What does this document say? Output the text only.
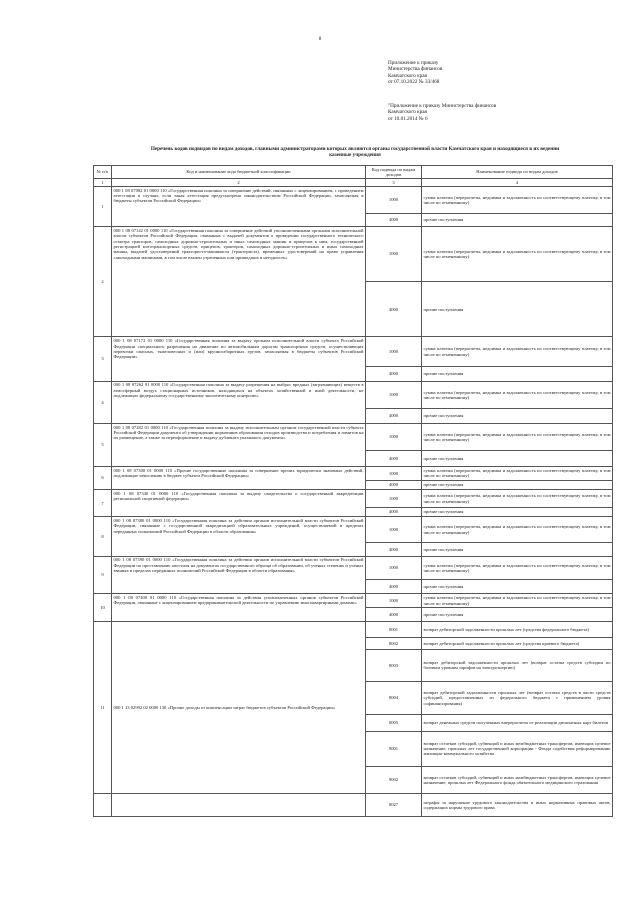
8
Приложение к приказу
Министерства финансов
Камчатского края
от 07.10.2022 № 33/468
"Приложение к приказу Министерства финансов
Камчатского края
от 10.01.2014 № 6
Перечень кодов подвидов по видам доходов, главными администраторами которых являются органы государственной власти Камчатского края и находящиеся в их ведении
казенные учреждения
№ п/п	Код и наименование кода бюджетной классификации	Код подвида по видам доходов	Наименование подвида по видам доходов
1	2	3	4
1	000 1 08 07082 01 0000 110 «Государственная пошлина за совершение действий, связанных с лицензированием, с проведением аттестации в случаях, если такая аттестация предусмотрена законодательством Российской Федерации, зачисляемая в бюджеты субъектов Российской Федерации»	1000	сумма платежа (перерасчеты, недоимка и задолженность по соответствующему платежу, в том числе по отмененному)
		4000	прочие поступления
2	000 1 08 07142 01 0000 110 «Государственная пошлина за совершение действий уполномоченными органами исполнительной власти субъектов Российской Федерации, связанных с выдачей документов о проведении государственного технического осмотра тракторов, самоходных дорожно-строительных и иных самоходных машин и прицепов к ним, государственной регистрацией мототранспортных средств, прицепов, тракторов, самоходных дорожно-строительных и иных самоходных машин, выдачей удостоверений тракториста-машиниста (тракториста), временных удостоверений на право управления самоходными машинами, в том числе взамен утраченных или пришедших в негодность»	1000	сумма платежа (перерасчеты, недоимка и задолженность по соответствующему платежу, в том числе по отмененному)
		4000	прочие поступления
3	000 1 08 07172 01 0000 110 «Государственная пошлина за выдачу органом исполнительной власти субъекта Российской Федерации специального разрешения на движение по автомобильным дорогам транспортных средств, осуществляющих перевозки опасных, тяжеловесных и (или) крупногабаритных грузов, зачисляемая в бюджеты субъектов Российской Федерации»	1000	сумма платежа (перерасчеты, недоимка и задолженность по соответствующему платежу, в том числе по отмененному)
		4000	прочие поступления
4	000 1 08 07262 01 0000 110 «Государственная пошлина за выдачу разрешения на выброс вредных (загрязняющих) веществ в атмосферный воздух стационарных источников, находящихся на объектах хозяйственной и иной деятельности, не подлежащих федеральному государственному экологическому контролю»	1000	сумма платежа (перерасчеты, недоимка и задолженность по соответствующему платежу, в том числе по отмененному)
		4000	прочие поступления
5	000 1 08 07282 01 0000 110 «Государственная пошлина за выдачу исполнительным органом государственной власти субъекта Российской Федерации документа об утверждении нормативов образования отходов производства и потребления и лимитов на их размещение, а также за переоформление и выдачу дубликата указанного документа»	1000	сумма платежа (перерасчеты, недоимка и задолженность по соответствующему платежу, в том числе по отмененному)
		4000	прочие поступления
6	000 1 08 07300 01 0000 110 «Прочие государственные пошлины за совершение прочих юридически значимых действий, подлежащие зачислению в бюджет субъекта Российской Федерации»	1000	сумма платежа (перерасчеты, недоимка и задолженность по соответствующему платежу, в том числе по отмененному)
		4000	прочие поступления
7	000 1 08 07340 01 0000 110 «Государственная пошлина за выдачу свидетельства о государственной аккредитации региональной спортивной федерации»	1000	сумма платежа (перерасчеты, недоимка и задолженность по соответствующему платежу, в том числе по отмененному)
		4000	прочие поступления
8	000 1 08 07380 01 0000 110 «Государственная пошлина за действия органов исполнительной власти субъектов Российской Федерации, связанные с государственной аккредитацией образовательных учреждений, осуществляемой в пределах переданных полномочий Российской Федерации в области образования»	1000	сумма платежа (перерасчеты, недоимка и задолженность по соответствующему платежу, в том числе по отмененному)
		4000	прочие поступления
9	000 1 08 07390 01 0000 110 «Государственная пошлина за действия органов исполнительной власти субъектов Российской Федерации по проставлению апостиля на документах государственного образца об образовании, об ученых степенях и ученых званиях в пределах переданных полномочий Российской Федерации в области образования»	1000	сумма платежа (перерасчеты, недоимка и задолженность по соответствующему платежу, в том числе по отмененному)
		4000	прочие поступления
10	000 1 08 07400 01 0000 110 «Государственная пошлина за действия уполномоченных органов субъектов Российской Федерации, связанные с лицензированием предпринимательской деятельности по управлению многоквартирными домами»	1000	сумма платежа (перерасчеты, недоимка и задолженность по соответствующему платежу, в том числе по отмененному)
		4000	прочие поступления
11	000 1 13 02992 02 0000 130 «Прочие доходы от компенсации затрат бюджетов субъектов Российской Федерации»	0001	возврат дебиторской задолженности прошлых лет (средства федерального бюджета)
		0002	возврат дебиторской задолженности прошлых лет (средства краевого бюджета)
		0003	возврат дебиторской задолженности прошлых лет (возврат остатка средств субсидии по базовым уровням тарифов на электроэнергию)
		0004	возврат дебиторской задолженности прошлых лет (возврат остатка средств в части средств субсидий, предоставленных из федерального бюджета с применением уровня софинансирования)
		0005	возврат денежных средств полученных вперерасчеты от реализации дисконтных карт билетов
		9001	возврат остатков субсидий, субвенций и иных межбюджетных трансфертов, имеющих целевое назначение, прошлых лет государственной корпорации - Фонда содействия реформированию жилищно-коммунального хозяйства
		9002	возврат остатков субсидий, субвенций и иных межбюджетных трансфертов, имеющих целевое назначение, прошлых лет Федерального фонда обязательного медицинского страхования
		0027	штрафы за нарушение трудового законодательства и иных нормативных правовых актов, содержащих нормы трудового права
